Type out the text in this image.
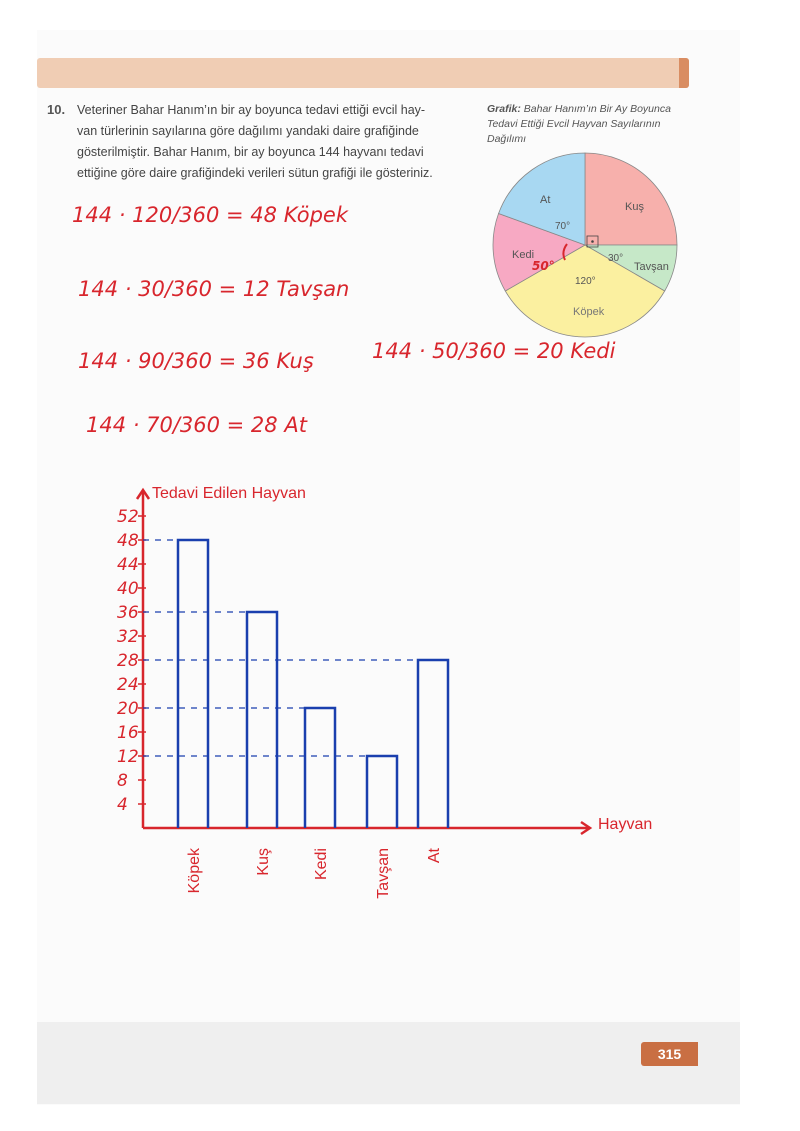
10. Veteriner Bahar Hanım’ın bir ay boyunca tedavi ettiği evcil hay-
van türlerinin sayılarına göre dağılımı yandaki daire grafiğinde
gösterilmiştir. Bahar Hanım, bir ay boyunca 144 hayvanı tedavi
ettiğine göre daire grafiğindeki verileri sütun grafiği ile gösteriniz.
Grafik: Bahar Hanım’ın Bir Ay Boyunca
Tedavi Ettiği Evcil Hayvan Sayılarının
Dağılımı
Kuş
Tavşan
30°
Köpek
120°
Kedi
At
70°
50°
144 · 120/360 = 48 Köpek
144 · 30/360 = 12 Tavşan
144 · 90/360 = 36 Kuş
144 · 70/360 = 28 At
144 · 50/360 = 20 Kedi
4
8
12
16
20
24
28
32
36
40
44
48
52
Köpek	Kuş	Kedi	Tavşan At
Tedavi Edilen Hayvan
Hayvan
315
